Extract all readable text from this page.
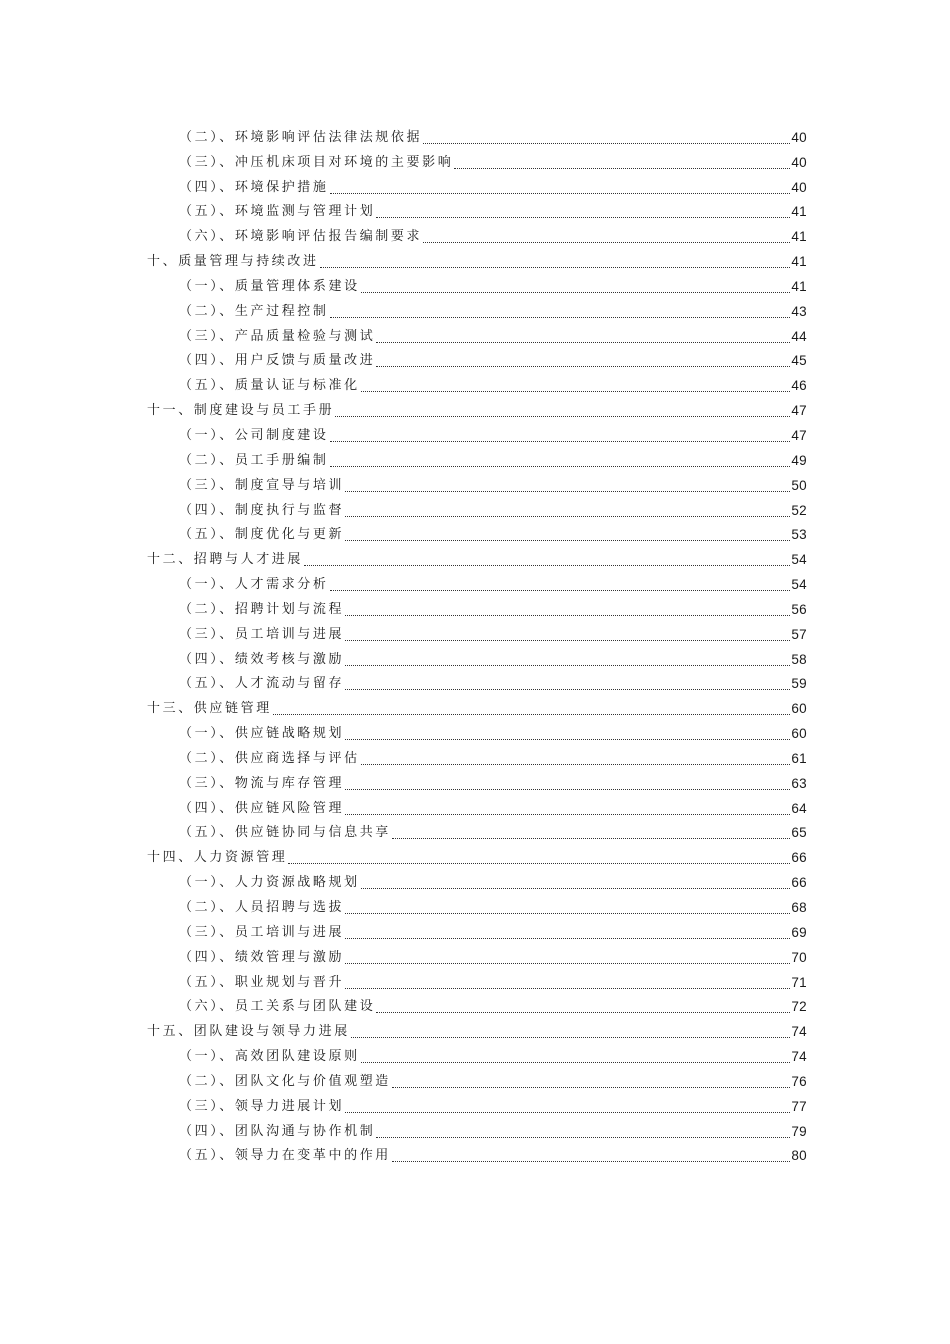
（二）、环境影响评估法律法规依据	40
（三）、冲压机床项目对环境的主要影响	40
（四）、环境保护措施	40
（五）、环境监测与管理计划	41
（六）、环境影响评估报告编制要求	41
十、质量管理与持续改进	41
（一）、质量管理体系建设	41
（二）、生产过程控制	43
（三）、产品质量检验与测试	44
（四）、用户反馈与质量改进	45
（五）、质量认证与标准化	46
十一、制度建设与员工手册	47
（一）、公司制度建设	47
（二）、员工手册编制	49
（三）、制度宣导与培训	50
（四）、制度执行与监督	52
（五）、制度优化与更新	53
十二、招聘与人才进展	54
（一）、人才需求分析	54
（二）、招聘计划与流程	56
（三）、员工培训与进展	57
（四）、绩效考核与激励	58
（五）、人才流动与留存	59
十三、供应链管理	60
（一）、供应链战略规划	60
（二）、供应商选择与评估	61
（三）、物流与库存管理	63
（四）、供应链风险管理	64
（五）、供应链协同与信息共享	65
十四、人力资源管理	66
（一）、人力资源战略规划	66
（二）、人员招聘与选拔	68
（三）、员工培训与进展	69
（四）、绩效管理与激励	70
（五）、职业规划与晋升	71
（六）、员工关系与团队建设	72
十五、团队建设与领导力进展	74
（一）、高效团队建设原则	74
（二）、团队文化与价值观塑造	76
（三）、领导力进展计划	77
（四）、团队沟通与协作机制	79
（五）、领导力在变革中的作用	80
